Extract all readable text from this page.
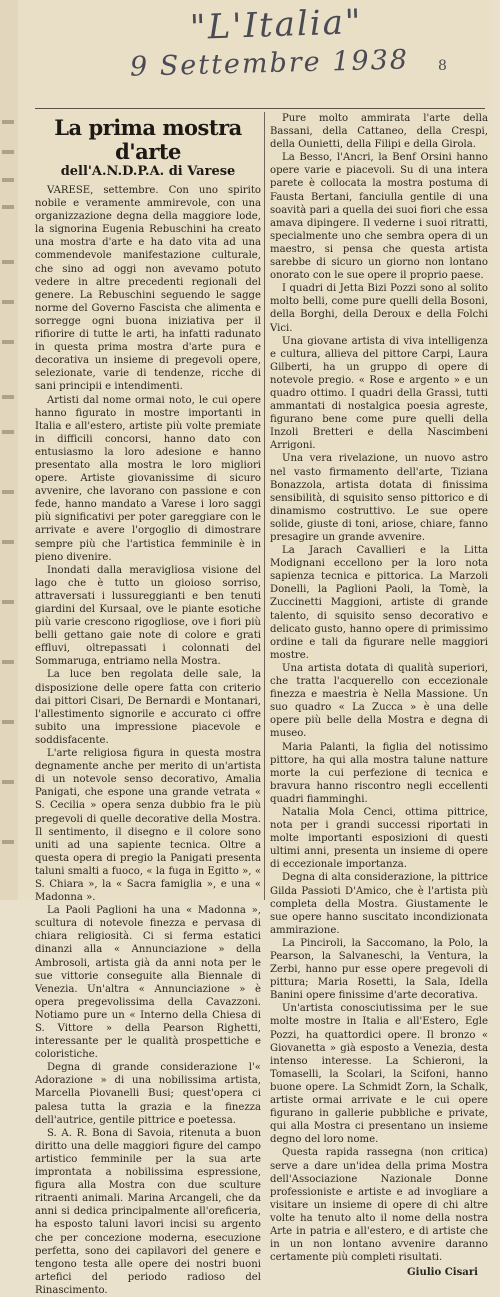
"L'Italia"
9 Settembre 1938 8
La prima mostra d'arte
dell'A.N.D.P.A. di Varese

VARESE, settembre. Con uno spirito nobile e veramente ammirevole, con una organizzazione degna della maggiore lode, la signorina Eugenia Rebuschini ha creato una mostra d'arte e ha dato vita ad una commendevole manifestazione culturale, che sino ad oggi non avevamo potuto vedere in altre precedenti regionali del genere. La Rebuschini seguendo le sagge norme del Governo Fascista che alimenta e sorregge ogni buona iniziativa per il rifiorire di tutte le arti, ha infatti radunato in questa prima mostra d'arte pura e decorativa un insieme di pregevoli opere, selezionate, varie di tendenze, ricche di sani principii e intendimenti.

Artisti dal nome ormai noto, le cui opere hanno figurato in mostre importanti in Italia e all'estero, artiste più volte premiate in difficili concorsi, hanno dato con entusiasmo la loro adesione e hanno presentato alla mostra le loro migliori opere. Artiste giovanissime di sicuro avvenire, che lavorano con passione e con fede, hanno mandato a Varese i loro saggi più significativi per poter gareggiare con le arrivate e avere l'orgoglio di dimostrare sempre più che l'artistica femminile è in pieno divenire.

Inondati dalla meravigliosa visione del lago che è tutto un gioioso sorriso, attraversati i lussureggianti e ben tenuti giardini del Kursaal, ove le piante esotiche più varie crescono rigogliose, ove i fiori più belli gettano gaie note di colore e grati effluvi, oltrepassati i colonnati del Sommaruga, entriamo nella Mostra.

La luce ben regolata delle sale, la disposizione delle opere fatta con criterio dai pittori Cisari, De Bernardi e Montanari, l'allestimento signorile e accurato ci offre subito una impressione piacevole e soddisfacente.

L'arte religiosa figura in questa mostra degnamente anche per merito di un'artista di un notevole senso decorativo, Amalia Panigati, che espone una grande vetrata « S. Cecilia » opera senza dubbio fra le più pregevoli di quelle decorative della Mostra. Il sentimento, il disegno e il colore sono uniti ad una sapiente tecnica. Oltre a questa opera di pregio la Panigati presenta taluni smalti a fuoco, « la fuga in Egitto », « S. Chiara », la « Sacra famiglia », e una « Madonna ».

La Paoli Paglioni ha una « Madonna », scultura di notevole finezza e pervasa di chiara religiosità. Ci si ferma estatici dinanzi alla « Annunciazione » della Ambrosoli, artista già da anni nota per le sue vittorie conseguite alla Biennale di Venezia. Un'altra « Annunciazione » è opera pregevolissima della Cavazzoni. Notiamo pure un « Interno della Chiesa di S. Vittore » della Pearson Righetti, interessante per le qualità prospettiche e coloristiche.

Degna di grande considerazione l'« Adorazione » di una nobilissima artista, Marcella Piovanelli Busi; quest'opera ci palesa tutta la grazia e la finezza dell'autrice, gentile pittrice e poetessa.

S. A. R. Bona di Savoia, ritenuta a buon diritto una delle maggiori figure del campo artistico femminile per la sua arte improntata a nobilissima espressione, figura alla Mostra con due sculture ritraenti animali. Marina Arcangeli, che da anni si dedica principalmente all'oreficeria, ha esposto taluni lavori incisi su argento che per concezione moderna, esecuzione perfetta, sono dei capilavori del genere e tengono testa alle opere dei nostri buoni artefici del periodo radioso del Rinascimento.

Pure molto ammirata l'arte della Bassani, della Cattaneo, della Crespi, della Ounietti, della Filipi e della Girola.

La Besso, l'Ancri, la Benf Orsini hanno opere varie e piacevoli. Su di una intera parete è collocata la mostra postuma di Fausta Bertani, fanciulla gentile di una soavità pari a quella dei suoi fiori che essa amava dipingere. Il vederne i suoi ritratti, specialmente uno che sembra opera di un maestro, si pensa che questa artista sarebbe di sicuro un giorno non lontano onorato con le sue opere il proprio paese.

I quadri di Jetta Bizi Pozzi sono al solito molto belli, come pure quelli della Bosoni, della Borghi, della Deroux e della Folchi Vici.

Una giovane artista di viva intelligenza e cultura, allieva del pittore Carpi, Laura Gilberti, ha un gruppo di opere di notevole pregio. « Rose e argento » e un quadro ottimo. I quadri della Grassi, tutti ammantati di nostalgica poesia agreste, figurano bene come pure quelli della Inzoli Bretteri e della Nascimbeni Arrigoni.

Una vera rivelazione, un nuovo astro nel vasto firmamento dell'arte, Tiziana Bonazzola, artista dotata di finissima sensibilità, di squisito senso pittorico e di dinamismo costruttivo. Le sue opere solide, giuste di toni, ariose, chiare, fanno presagire un grande avvenire.

La Jarach Cavallieri e la Litta Modignani eccellono per la loro nota sapienza tecnica e pittorica. La Marzoli Donelli, la Paglioni Paoli, la Tomè, la Zuccinetti Maggioni, artiste di grande talento, di squisito senso decorativo e delicato gusto, hanno opere di primissimo ordine e tali da figurare nelle maggiori mostre.

Una artista dotata di qualità superiori, che tratta l'acquerello con eccezionale finezza e maestria è Nella Massione. Un suo quadro « La Zucca » è una delle opere più belle della Mostra e degna di museo.

Maria Palanti, la figlia del notissimo pittore, ha qui alla mostra talune natture morte la cui perfezione di tecnica e bravura hanno riscontro negli eccellenti quadri fiamminghi.

Natalia Mola Cenci, ottima pittrice, nota per i grandi successi riportati in molte importanti esposizioni di questi ultimi anni, presenta un insieme di opere di eccezionale importanza.

Degna di alta considerazione, la pittrice Gilda Passioti D'Amico, che è l'artista più completa della Mostra. Giustamente le sue opere hanno suscitato incondizionata ammirazione.

La Pinciroli, la Saccomano, la Polo, la Pearson, la Salvaneschi, la Ventura, la Zerbi, hanno pur esse opere pregevoli di pittura; Maria Rosetti, la Sala, Idella Banini opere finissime d'arte decorativa.

Un'artista conosciutissima per le sue molte mostre in Italia e all'Estero, Egle Pozzi, ha quattordici opere. Il bronzo « Giovanetta » già esposto a Venezia, desta intenso interesse. La Schieroni, la Tomaselli, la Scolari, la Scifoni, hanno buone opere. La Schmidt Zorn, la Schalk, artiste ormai arrivate e le cui opere figurano in gallerie pubbliche e private, qui alla Mostra ci presentano un insieme degno del loro nome.

Questa rapida rassegna (non critica) serve a dare un'idea della prima Mostra dell'Associazione Nazionale Donne professioniste e artiste e ad invogliare a visitare un insieme di opere di chi altre volte ha tenuto alto il nome della nostra Arte in patria e all'estero, e di artiste che in un non lontano avvenire daranno certamente più completi risultati.

Giulio Cisari
